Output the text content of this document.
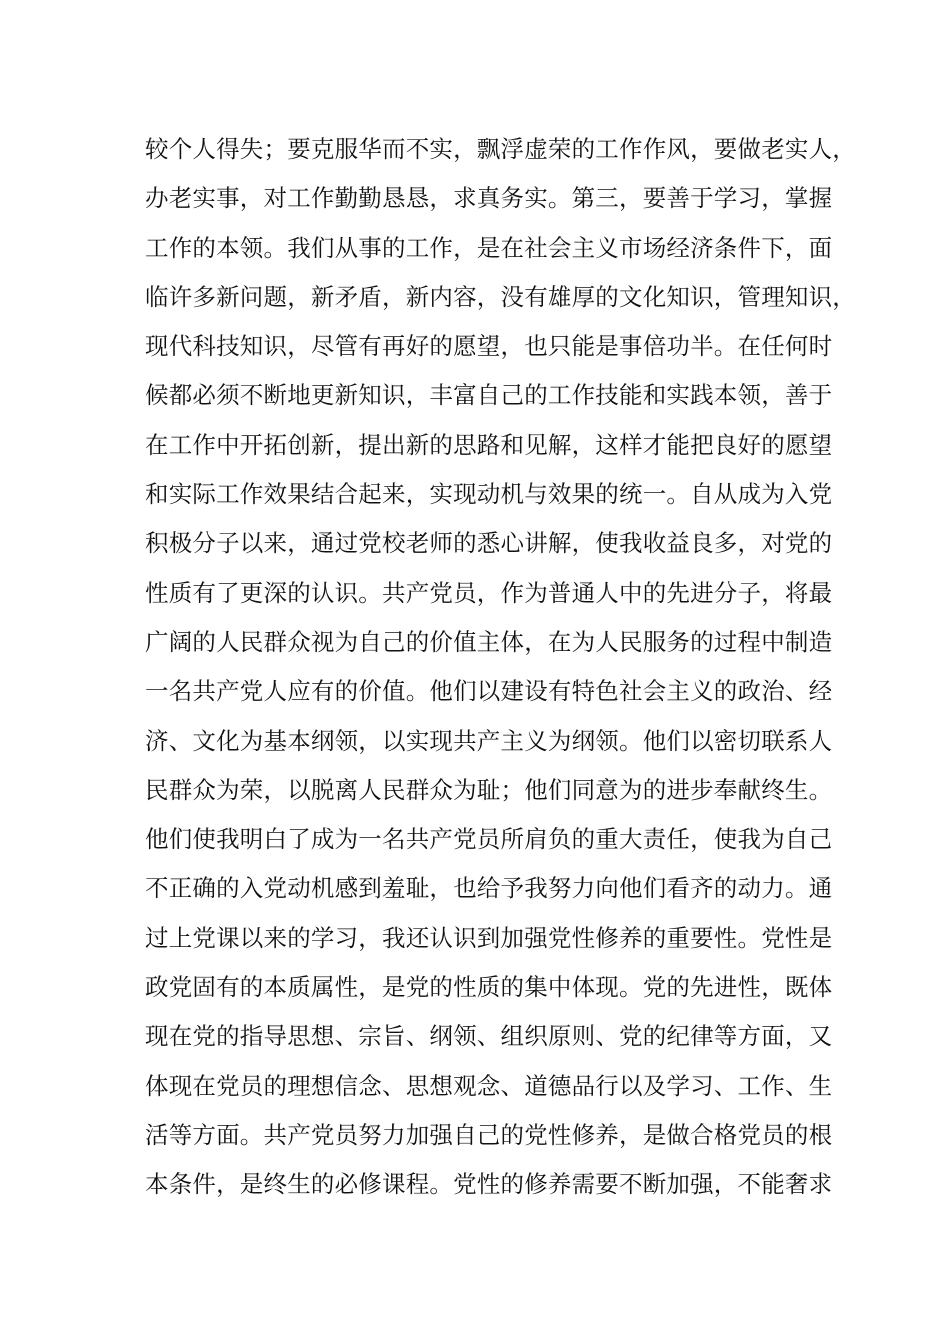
较个人得失；要克服华而不实，飘浮虚荣的工作作风，要做老实人，
办老实事，对工作勤勤恳恳，求真务实。第三，要善于学习，掌握
工作的本领。我们从事的工作，是在社会主义市场经济条件下，面
临许多新问题，新矛盾，新内容，没有雄厚的文化知识，管理知识，
现代科技知识，尽管有再好的愿望，也只能是事倍功半。在任何时
候都必须不断地更新知识，丰富自己的工作技能和实践本领，善于
在工作中开拓创新，提出新的思路和见解，这样才能把良好的愿望
和实际工作效果结合起来，实现动机与效果的统一。自从成为入党
积极分子以来，通过党校老师的悉心讲解，使我收益良多，对党的
性质有了更深的认识。共产党员，作为普通人中的先进分子，将最
广阔的人民群众视为自己的价值主体，在为人民服务的过程中制造
一名共产党人应有的价值。他们以建设有特色社会主义的政治、经
济、文化为基本纲领，以实现共产主义为纲领。他们以密切联系人
民群众为荣，以脱离人民群众为耻；他们同意为的进步奉献终生。
他们使我明白了成为一名共产党员所肩负的重大责任，使我为自己
不正确的入党动机感到羞耻，也给予我努力向他们看齐的动力。通
过上党课以来的学习，我还认识到加强党性修养的重要性。党性是
政党固有的本质属性，是党的性质的集中体现。党的先进性，既体
现在党的指导思想、宗旨、纲领、组织原则、党的纪律等方面，又
体现在党员的理想信念、思想观念、道德品行以及学习、工作、生
活等方面。共产党员努力加强自己的党性修养，是做合格党员的根
本条件，是终生的必修课程。党性的修养需要不断加强，不能奢求
